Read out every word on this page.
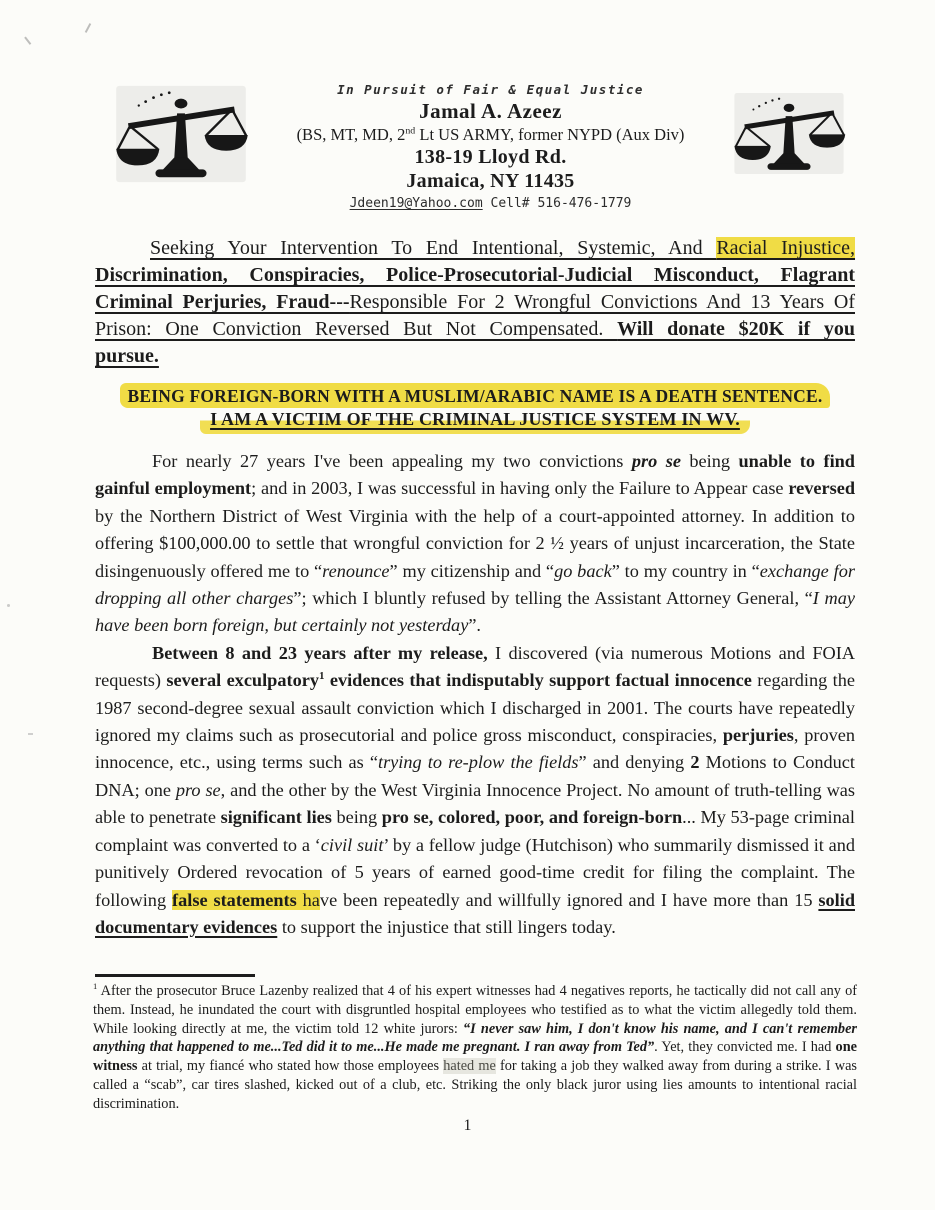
In Pursuit of Fair & Equal Justice
Jamal A. Azeez
(BS, MT, MD, 2nd Lt US ARMY, former NYPD (Aux Div)
138-19 Lloyd Rd.
Jamaica, NY 11435
Jdeen19@Yahoo.com Cell# 516-476-1779
Seeking Your Intervention To End Intentional, Systemic, And Racial Injustice, Discrimination, Conspiracies, Police-Prosecutorial-Judicial Misconduct, Flagrant Criminal Perjuries, Fraud---Responsible For 2 Wrongful Convictions And 13 Years Of Prison: One Conviction Reversed But Not Compensated. Will donate $20K if you pursue.
BEING FOREIGN-BORN WITH A MUSLIM/ARABIC NAME IS A DEATH SENTENCE.
I AM A VICTIM OF THE CRIMINAL JUSTICE SYSTEM IN WV.
For nearly 27 years I've been appealing my two convictions pro se being unable to find gainful employment; and in 2003, I was successful in having only the Failure to Appear case reversed by the Northern District of West Virginia with the help of a court-appointed attorney. In addition to offering $100,000.00 to settle that wrongful conviction for 2 ½ years of unjust incarceration, the State disingenuously offered me to “renounce” my citizenship and “go back” to my country in “exchange for dropping all other charges”; which I bluntly refused by telling the Assistant Attorney General, “I may have been born foreign, but certainly not yesterday”.
Between 8 and 23 years after my release, I discovered (via numerous Motions and FOIA requests) several exculpatory$^1$ evidences that indisputably support factual innocence regarding the 1987 second-degree sexual assault conviction which I discharged in 2001. The courts have repeatedly ignored my claims such as prosecutorial and police gross misconduct, conspiracies, perjuries, proven innocence, etc., using terms such as “trying to re-plow the fields” and denying 2 Motions to Conduct DNA; one pro se, and the other by the West Virginia Innocence Project. No amount of truth-telling was able to penetrate significant lies being pro se, colored, poor, and foreign-born... My 53-page criminal complaint was converted to a ‘civil suit’ by a fellow judge (Hutchison) who summarily dismissed it and punitively Ordered revocation of 5 years of earned good-time credit for filing the complaint. The following false statements have been repeatedly and willfully ignored and I have more than 15 solid documentary evidences to support the injustice that still lingers today.
$^1$ After the prosecutor Bruce Lazenby realized that 4 of his expert witnesses had 4 negatives reports, he tactically did not call any of them. Instead, he inundated the court with disgruntled hospital employees who testified as to what the victim allegedly told them. While looking directly at me, the victim told 12 white jurors: “I never saw him, I don't know his name, and I can't remember anything that happened to me...Ted did it to me...He made me pregnant. I ran away from Ted”. Yet, they convicted me. I had one witness at trial, my fiancé who stated how those employees hated me for taking a job they walked away from during a strike. I was called a “scab”, car tires slashed, kicked out of a club, etc. Striking the only black juror using lies amounts to intentional racial discrimination.
1
